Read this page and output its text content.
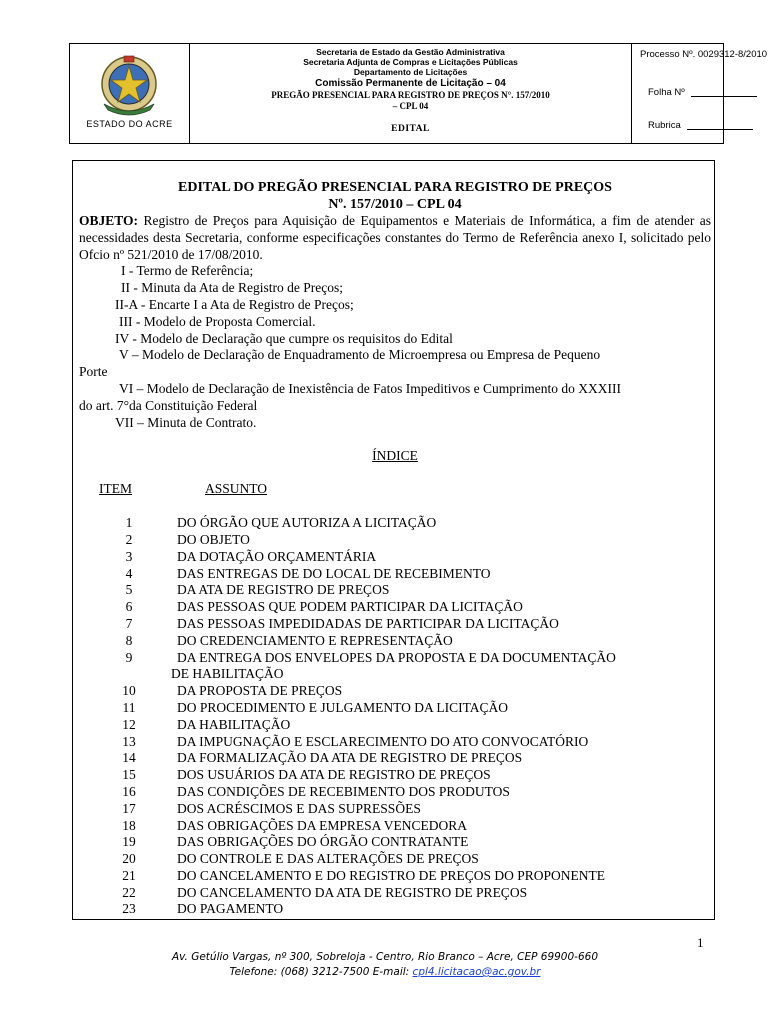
ESTADO DO ACRE
Secretaria de Estado da Gestão Administrativa
Secretaria Adjunta de Compras e Licitações Públicas
Departamento de Licitações
Comissão Permanente de Licitação – 04
PREGÃO PRESENCIAL PARA REGISTRO DE PREÇOS N°. 157/2010
– CPL 04
EDITAL
Processo Nº. 0029312-8/2010
Folha Nº
Rubrica
EDITAL DO PREGÃO PRESENCIAL PARA REGISTRO DE PREÇOS
Nº. 157/2010 – CPL 04
OBJETO: Registro de Preços para Aquisição de Equipamentos e Materiais de Informática, a fim de atender as necessidades desta Secretaria, conforme especificações constantes do Termo de Referência anexo I, solicitado pelo Ofcio nº 521/2010 de 17/08/2010.
I - Termo de Referência;
II - Minuta da Ata de Registro de Preços;
II-A - Encarte I a Ata de Registro de Preços;
III - Modelo de Proposta Comercial.
IV - Modelo de Declaração que cumpre os requisitos do Edital
V – Modelo de Declaração de Enquadramento de Microempresa ou Empresa de Pequeno
Porte
VI – Modelo de Declaração de Inexistência de Fatos Impeditivos e Cumprimento do XXXIII
do art. 7°da Constituição Federal
VII – Minuta de Contrato.
ÍNDICE
ITEM	ASSUNTO
1	DO ÓRGÃO QUE AUTORIZA A LICITAÇÃO
2	DO OBJETO
3	DA DOTAÇÃO ORÇAMENTÁRIA
4	DAS ENTREGAS DE DO LOCAL DE RECEBIMENTO
5	DA ATA DE REGISTRO DE PREÇOS
6	DAS PESSOAS QUE PODEM PARTICIPAR DA LICITAÇÃO
7	DAS PESSOAS IMPEDIDADAS DE PARTICIPAR DA LICITAÇÃO
8	DO CREDENCIAMENTO E REPRESENTAÇÃO
9	DA ENTREGA DOS ENVELOPES DA PROPOSTA E DA DOCUMENTAÇÃO
DE HABILITAÇÃO
10	DA PROPOSTA DE PREÇOS
11	DO PROCEDIMENTO E JULGAMENTO DA LICITAÇÃO
12	DA HABILITAÇÃO
13	DA IMPUGNAÇÃO E ESCLARECIMENTO DO ATO CONVOCATÓRIO
14	DA FORMALIZAÇÃO DA ATA DE REGISTRO DE PREÇOS
15	DOS USUÁRIOS DA ATA DE REGISTRO DE PREÇOS
16	DAS CONDIÇÕES DE RECEBIMENTO DOS PRODUTOS
17	DOS ACRÉSCIMOS E DAS SUPRESSÕES
18	DAS OBRIGAÇÕES DA EMPRESA VENCEDORA
19	DAS OBRIGAÇÕES DO ÓRGÃO CONTRATANTE
20	DO CONTROLE E DAS ALTERAÇÕES DE PREÇOS
21	DO CANCELAMENTO E DO REGISTRO DE PREÇOS DO PROPONENTE
22	DO CANCELAMENTO DA ATA DE REGISTRO DE PREÇOS
23	DO PAGAMENTO
1
Av. Getúlio Vargas, nº 300, Sobreloja - Centro, Rio Branco – Acre, CEP 69900-660
Telefone: (068) 3212-7500 E-mail: cpl4.licitacao@ac.gov.br
